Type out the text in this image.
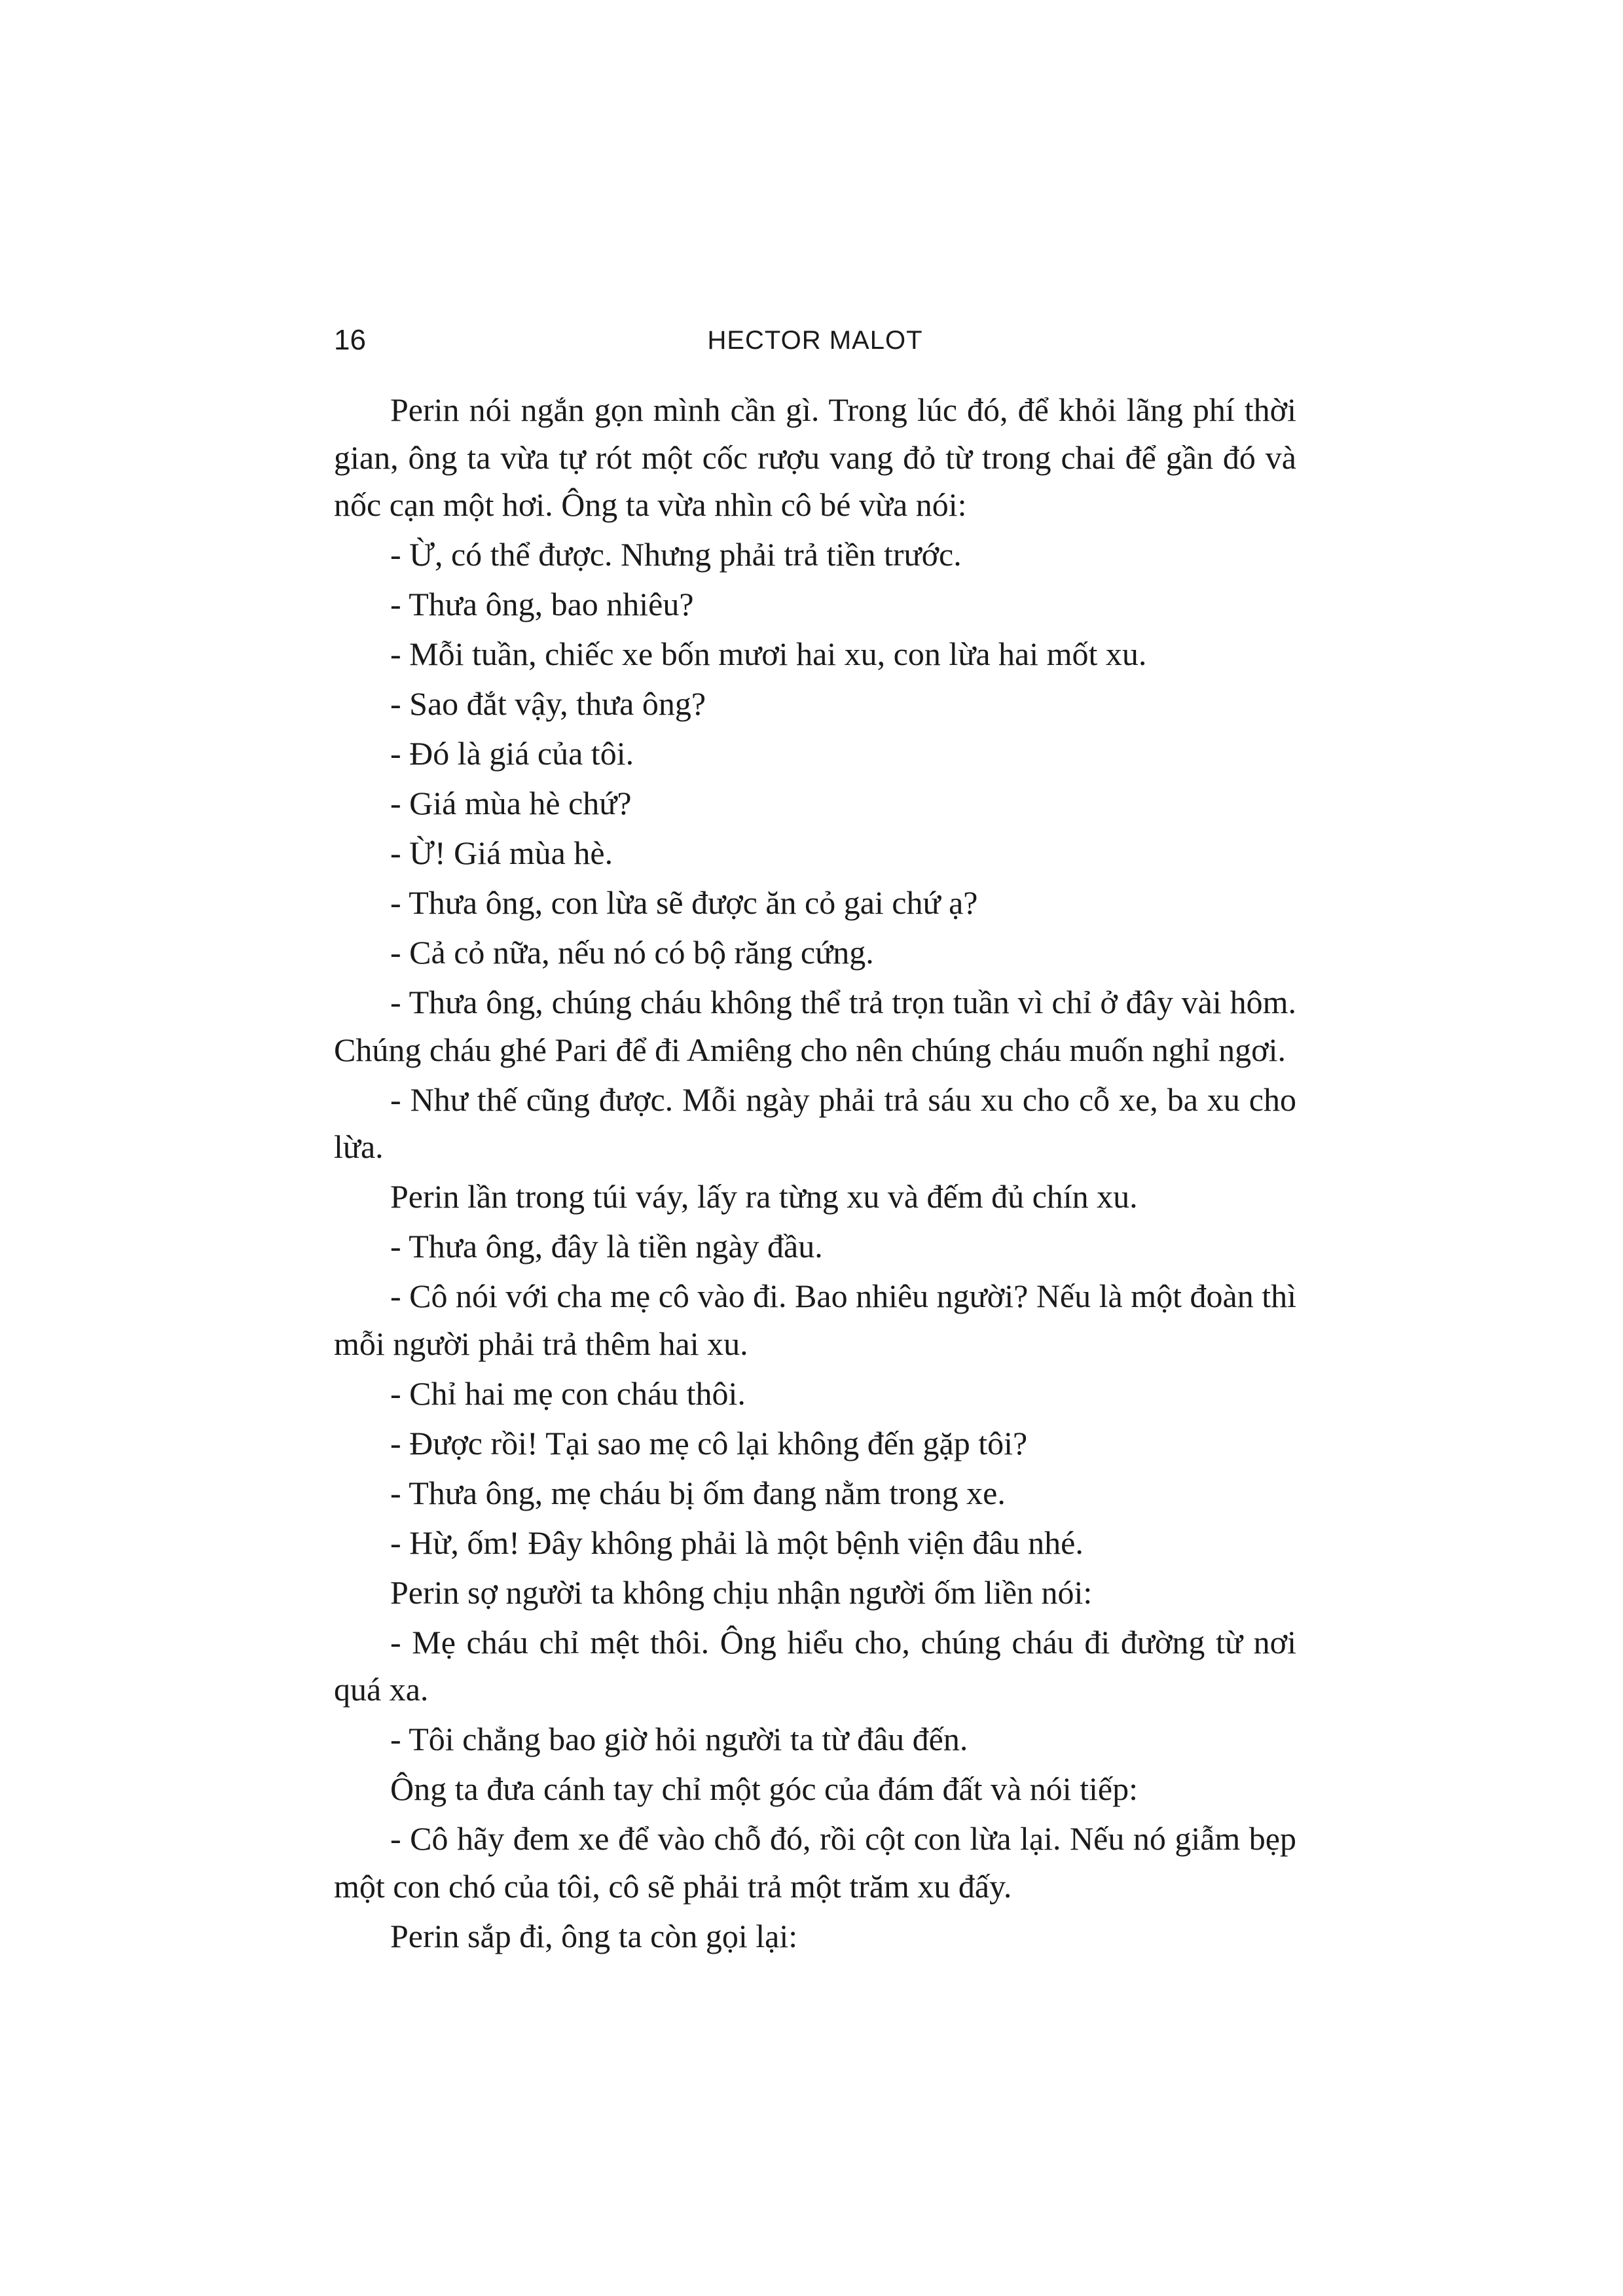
16	HECTOR MALOT

Perin nói ngắn gọn mình cần gì. Trong lúc đó, để khỏi lãng phí thời gian, ông ta vừa tự rót một cốc rượu vang đỏ từ trong chai để gần đó và nốc cạn một hơi. Ông ta vừa nhìn cô bé vừa nói:

- Ừ, có thể được. Nhưng phải trả tiền trước.

- Thưa ông, bao nhiêu?

- Mỗi tuần, chiếc xe bốn mươi hai xu, con lừa hai mốt xu.

- Sao đắt vậy, thưa ông?

- Đó là giá của tôi.

- Giá mùa hè chứ?

- Ừ! Giá mùa hè.

- Thưa ông, con lừa sẽ được ăn cỏ gai chứ ạ?

- Cả cỏ nữa, nếu nó có bộ răng cứng.

- Thưa ông, chúng cháu không thể trả trọn tuần vì chỉ ở đây vài hôm. Chúng cháu ghé Pari để đi Amiêng cho nên chúng cháu muốn nghỉ ngơi.

- Như thế cũng được. Mỗi ngày phải trả sáu xu cho cỗ xe, ba xu cho lừa.

Perin lần trong túi váy, lấy ra từng xu và đếm đủ chín xu.

- Thưa ông, đây là tiền ngày đầu.

- Cô nói với cha mẹ cô vào đi. Bao nhiêu người? Nếu là một đoàn thì mỗi người phải trả thêm hai xu.

- Chỉ hai mẹ con cháu thôi.

- Được rồi! Tại sao mẹ cô lại không đến gặp tôi?

- Thưa ông, mẹ cháu bị ốm đang nằm trong xe.

- Hừ, ốm! Đây không phải là một bệnh viện đâu nhé.

Perin sợ người ta không chịu nhận người ốm liền nói:

- Mẹ cháu chỉ mệt thôi. Ông hiểu cho, chúng cháu đi đường từ nơi quá xa.

- Tôi chẳng bao giờ hỏi người ta từ đâu đến.

Ông ta đưa cánh tay chỉ một góc của đám đất và nói tiếp:

- Cô hãy đem xe để vào chỗ đó, rồi cột con lừa lại. Nếu nó giẫm bẹp một con chó của tôi, cô sẽ phải trả một trăm xu đấy.

Perin sắp đi, ông ta còn gọi lại:
